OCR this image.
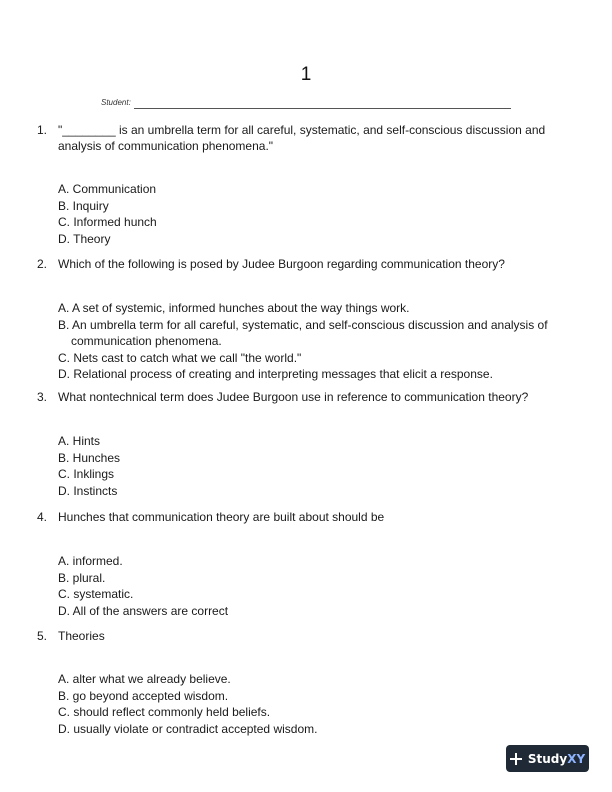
1
Student:
1. "________ is an umbrella term for all careful, systematic, and self-conscious discussion and analysis of communication phenomena."
A. Communication
B. Inquiry
C. Informed hunch
D. Theory
2. Which of the following is posed by Judee Burgoon regarding communication theory?
A. A set of systemic, informed hunches about the way things work.
B. An umbrella term for all careful, systematic, and self-conscious discussion and analysis of
communication phenomena.
C. Nets cast to catch what we call "the world."
D. Relational process of creating and interpreting messages that elicit a response.
3. What nontechnical term does Judee Burgoon use in reference to communication theory?
A. Hints
B. Hunches
C. Inklings
D. Instincts
4. Hunches that communication theory are built about should be
A. informed.
B. plural.
C. systematic.
D. All of the answers are correct
5. Theories
A. alter what we already believe.
B. go beyond accepted wisdom.
C. should reflect commonly held beliefs.
D. usually violate or contradict accepted wisdom.
StudyXY
